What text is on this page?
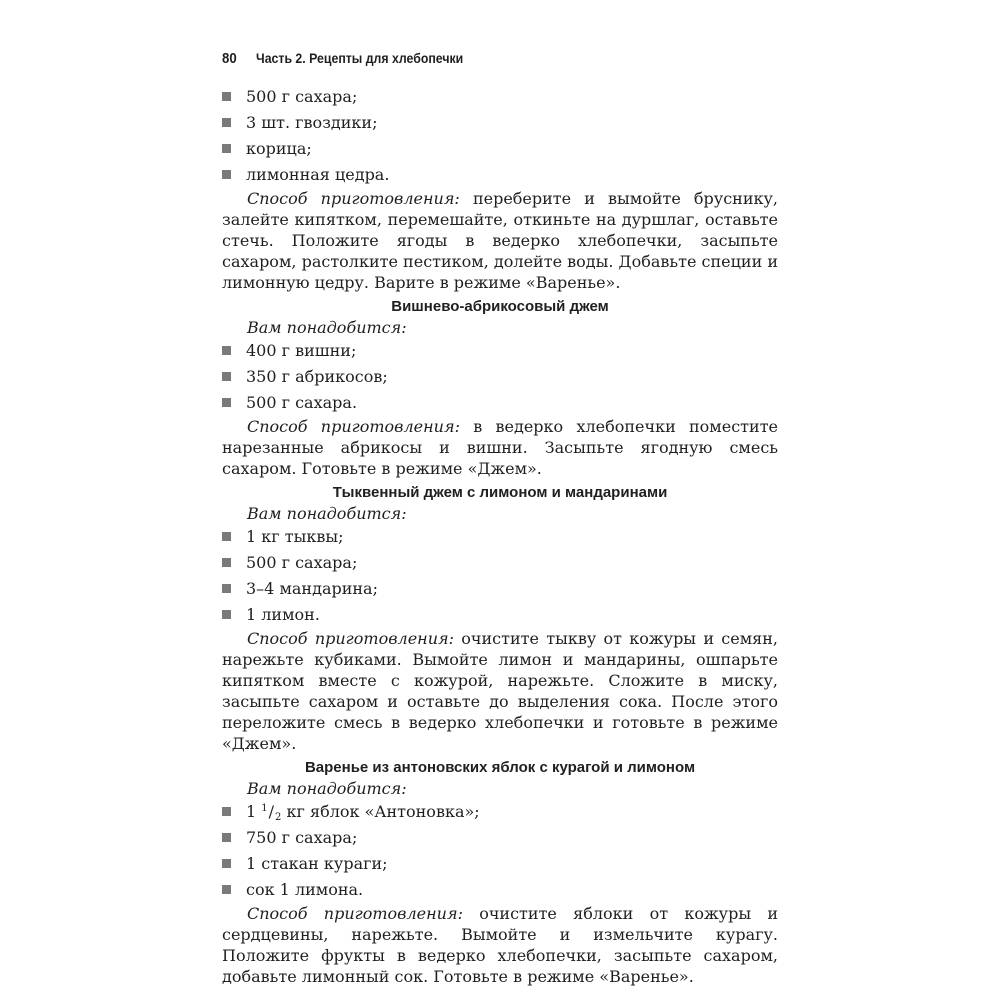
80 Часть 2. Рецепты для хлебопечки
500 г сахара;
3 шт. гвоздики;
корица;
лимонная цедра.

Способ приготовления: переберите и вымойте бруснику, залейте кипятком, перемешайте, откиньте на дуршлаг, оставьте стечь. Положите ягоды в ведерко хлебопечки, засыпьте сахаром, растолките пестиком, долейте воды. Добавьте специи и лимонную цедру. Варите в режиме «Варенье».

Вишнево-абрикосовый джем
Вам понадобится:
400 г вишни;
350 г абрикосов;
500 г сахара.

Способ приготовления: в ведерко хлебопечки поместите нарезанные абрикосы и вишни. Засыпьте ягодную смесь сахаром. Готовьте в режиме «Джем».

Тыквенный джем с лимоном и мандаринами
Вам понадобится:
1 кг тыквы;
500 г сахара;
3–4 мандарина;
1 лимон.

Способ приготовления: очистите тыкву от кожуры и семян, нарежьте кубиками. Вымойте лимон и мандарины, ошпарьте кипятком вместе с кожурой, нарежьте. Сложите в миску, засыпьте сахаром и оставьте до выделения сока. После этого переложите смесь в ведерко хлебопечки и готовьте в режиме «Джем».

Варенье из антоновских яблок с курагой и лимоном
Вам понадобится:
1 $^1$/2 кг яблок «Антоновка»;
750 г сахара;
1 стакан кураги;
сок 1 лимона.

Способ приготовления: очистите яблоки от кожуры и сердцевины, нарежьте. Вымойте и измельчите курагу. Положите фрукты в ведерко хлебопечки, засыпьте сахаром, добавьте лимонный сок. Готовьте в режиме «Варенье».
